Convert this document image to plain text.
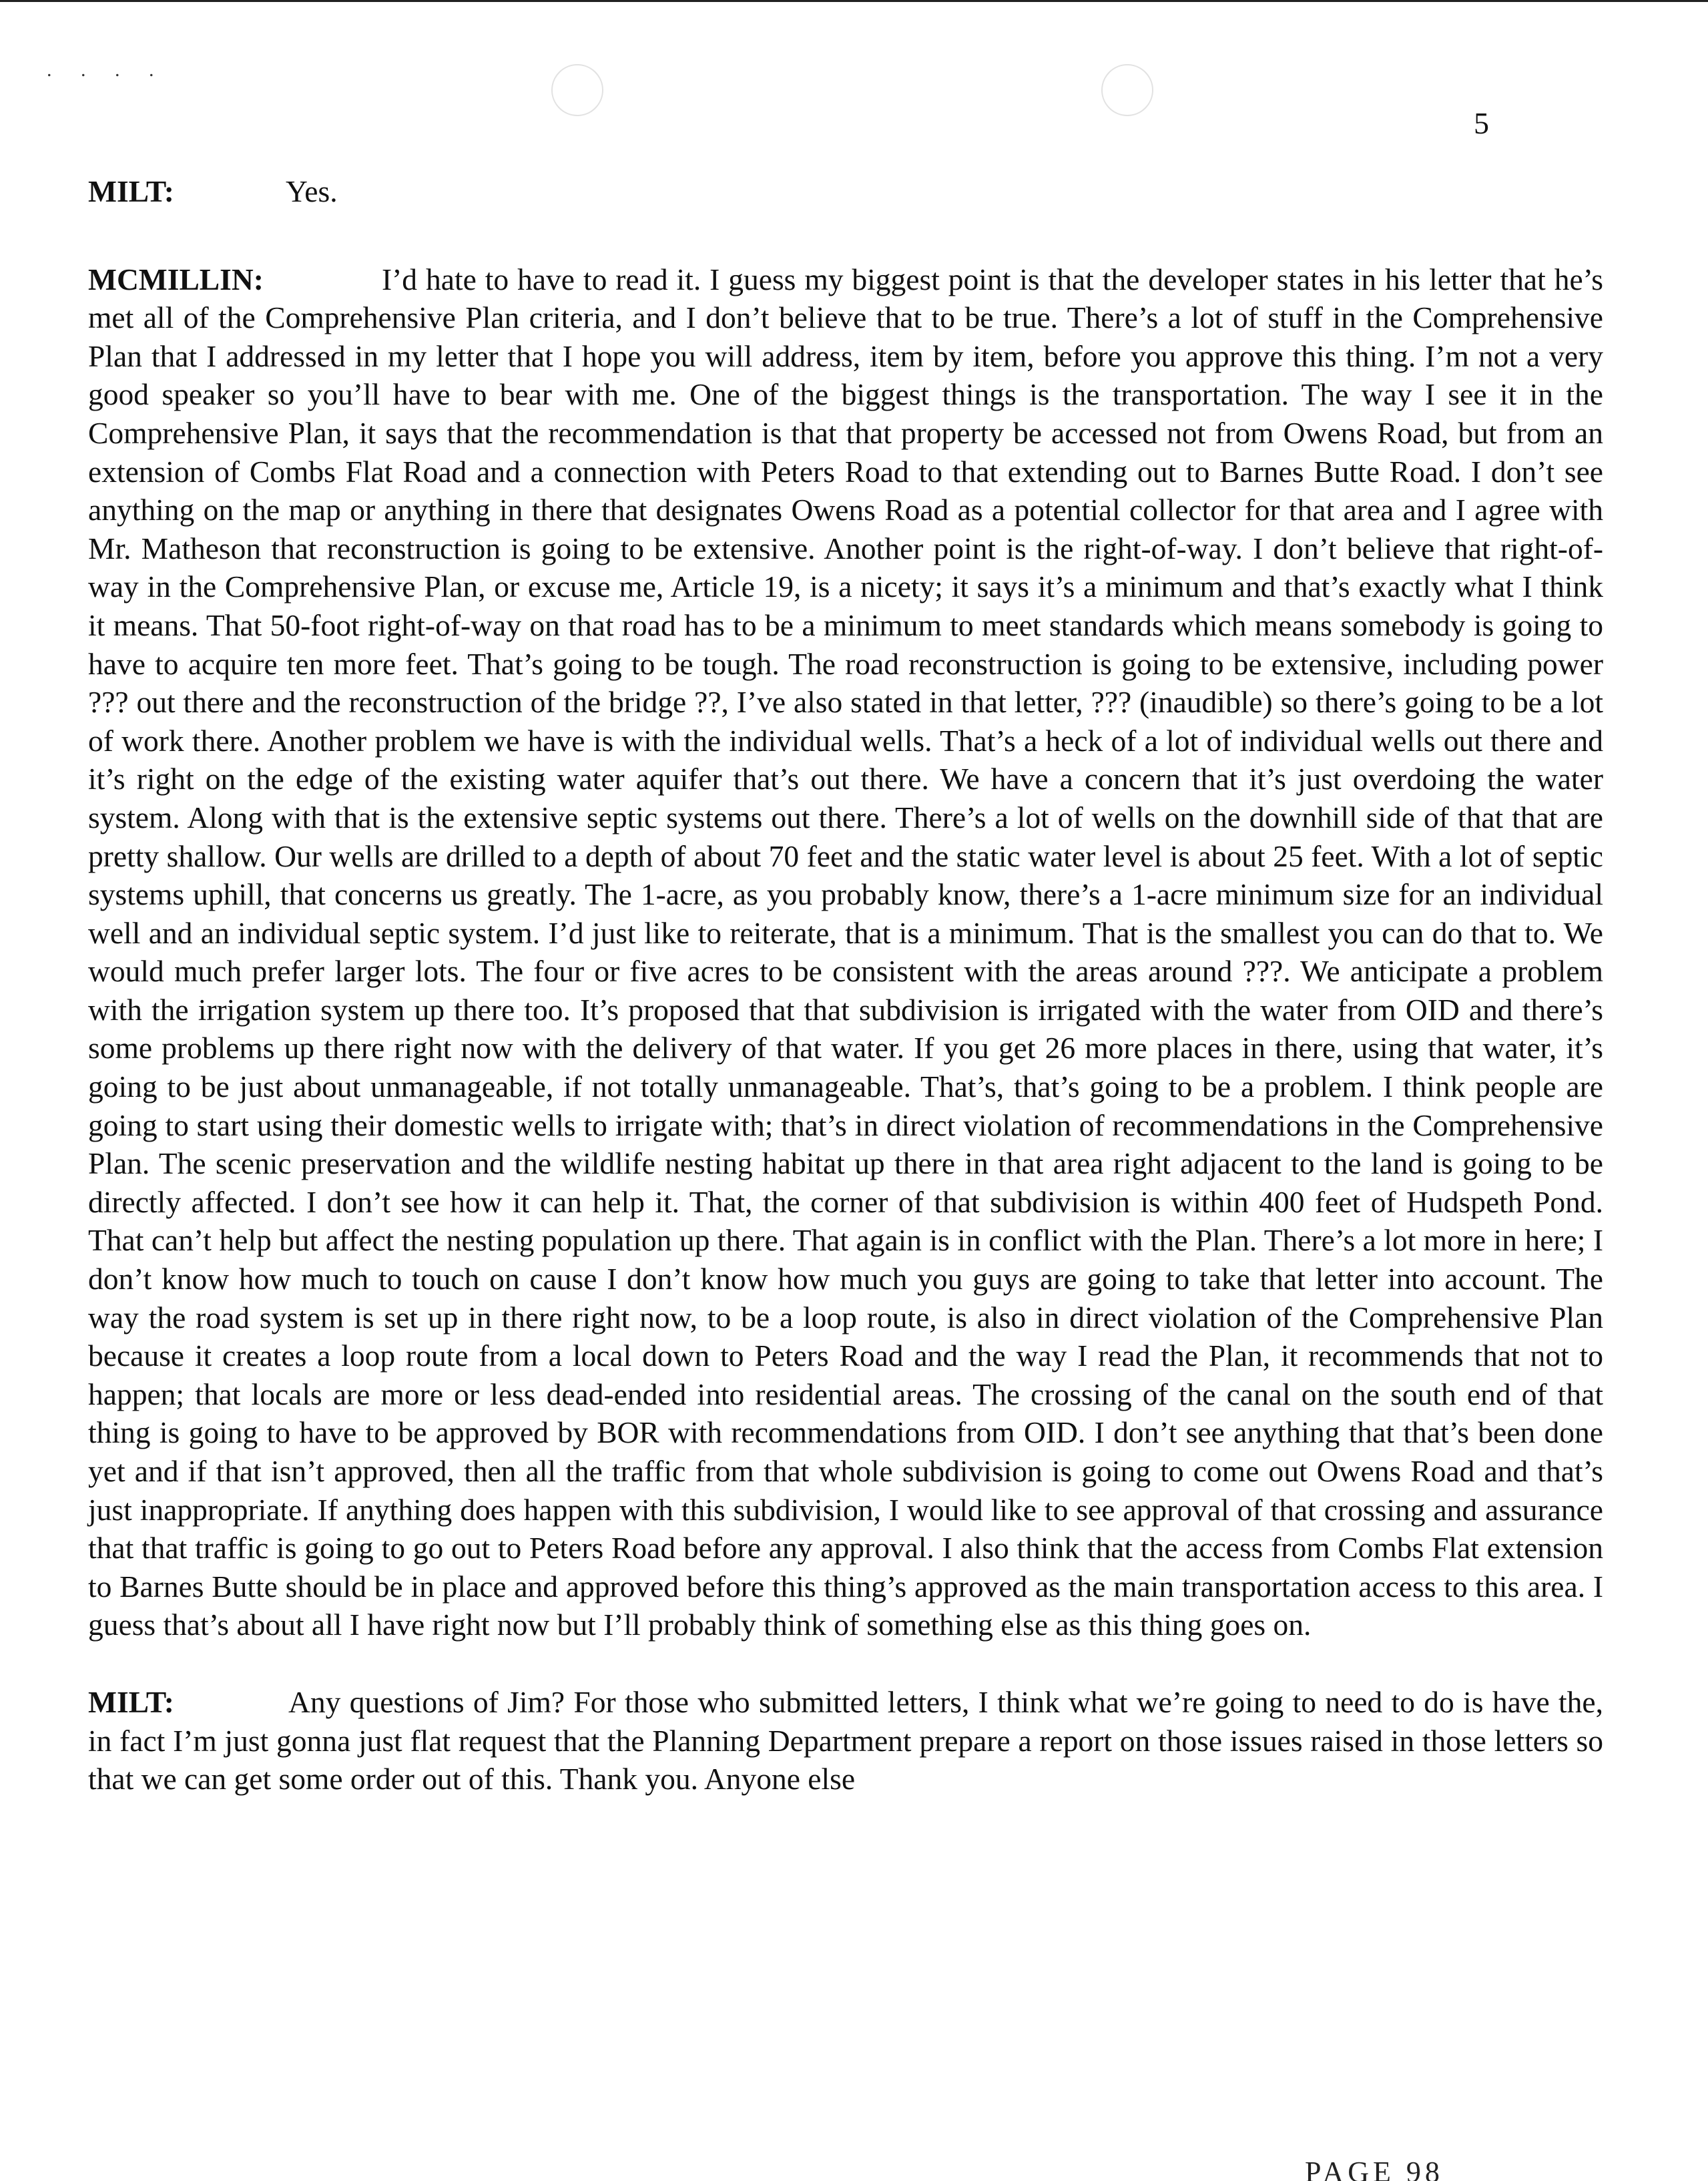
. . . .
5

MILT:	Yes.

MCMILLIN:	I’d hate to have to read it. I guess my biggest point is that the developer states in his letter that he’s met all of the Comprehensive Plan criteria, and I don’t believe that to be true. There’s a lot of stuff in the Comprehensive Plan that I addressed in my letter that I hope you will address, item by item, before you approve this thing. I’m not a very good speaker so you’ll have to bear with me. One of the biggest things is the transportation. The way I see it in the Comprehensive Plan, it says that the recommendation is that that property be accessed not from Owens Road, but from an extension of Combs Flat Road and a connection with Peters Road to that extending out to Barnes Butte Road. I don’t see anything on the map or anything in there that designates Owens Road as a potential collector for that area and I agree with Mr. Matheson that reconstruction is going to be extensive. Another point is the right-of-way. I don’t believe that right-of-way in the Comprehensive Plan, or excuse me, Article 19, is a nicety; it says it’s a minimum and that’s exactly what I think it means. That 50-foot right-of-way on that road has to be a minimum to meet standards which means somebody is going to have to acquire ten more feet. That’s going to be tough. The road reconstruction is going to be extensive, including power ??? out there and the reconstruction of the bridge ??, I’ve also stated in that letter, ??? (inaudible) so there’s going to be a lot of work there. Another problem we have is with the individual wells. That’s a heck of a lot of individual wells out there and it’s right on the edge of the existing water aquifer that’s out there. We have a concern that it’s just overdoing the water system. Along with that is the extensive septic systems out there. There’s a lot of wells on the downhill side of that that are pretty shallow. Our wells are drilled to a depth of about 70 feet and the static water level is about 25 feet. With a lot of septic systems uphill, that concerns us greatly. The 1-acre, as you probably know, there’s a 1-acre minimum size for an individual well and an individual septic system. I’d just like to reiterate, that is a minimum. That is the smallest you can do that to. We would much prefer larger lots. The four or five acres to be consistent with the areas around ???. We anticipate a problem with the irrigation system up there too. It’s proposed that that subdivision is irrigated with the water from OID and there’s some problems up there right now with the delivery of that water. If you get 26 more places in there, using that water, it’s going to be just about unmanageable, if not totally unmanageable. That’s, that’s going to be a problem. I think people are going to start using their domestic wells to irrigate with; that’s in direct violation of recommendations in the Comprehensive Plan. The scenic preservation and the wildlife nesting habitat up there in that area right adjacent to the land is going to be directly affected. I don’t see how it can help it. That, the corner of that subdivision is within 400 feet of Hudspeth Pond. That can’t help but affect the nesting population up there. That again is in conflict with the Plan. There’s a lot more in here; I don’t know how much to touch on cause I don’t know how much you guys are going to take that letter into account. The way the road system is set up in there right now, to be a loop route, is also in direct violation of the Comprehensive Plan because it creates a loop route from a local down to Peters Road and the way I read the Plan, it recommends that not to happen; that locals are more or less dead-ended into residential areas. The crossing of the canal on the south end of that thing is going to have to be approved by BOR with recommendations from OID. I don’t see anything that that’s been done yet and if that isn’t approved, then all the traffic from that whole subdivision is going to come out Owens Road and that’s just inappropriate. If anything does happen with this subdivision, I would like to see approval of that crossing and assurance that that traffic is going to go out to Peters Road before any approval. I also think that the access from Combs Flat extension to Barnes Butte should be in place and approved before this thing’s approved as the main transportation access to this area. I guess that’s about all I have right now but I’ll probably think of something else as this thing goes on.

MILT:	Any questions of Jim? For those who submitted letters, I think what we’re going to need to do is have the, in fact I’m just gonna just flat request that the Planning Department prepare a report on those issues raised in those letters so that we can get some order out of this. Thank you. Anyone else

PAGE 98
